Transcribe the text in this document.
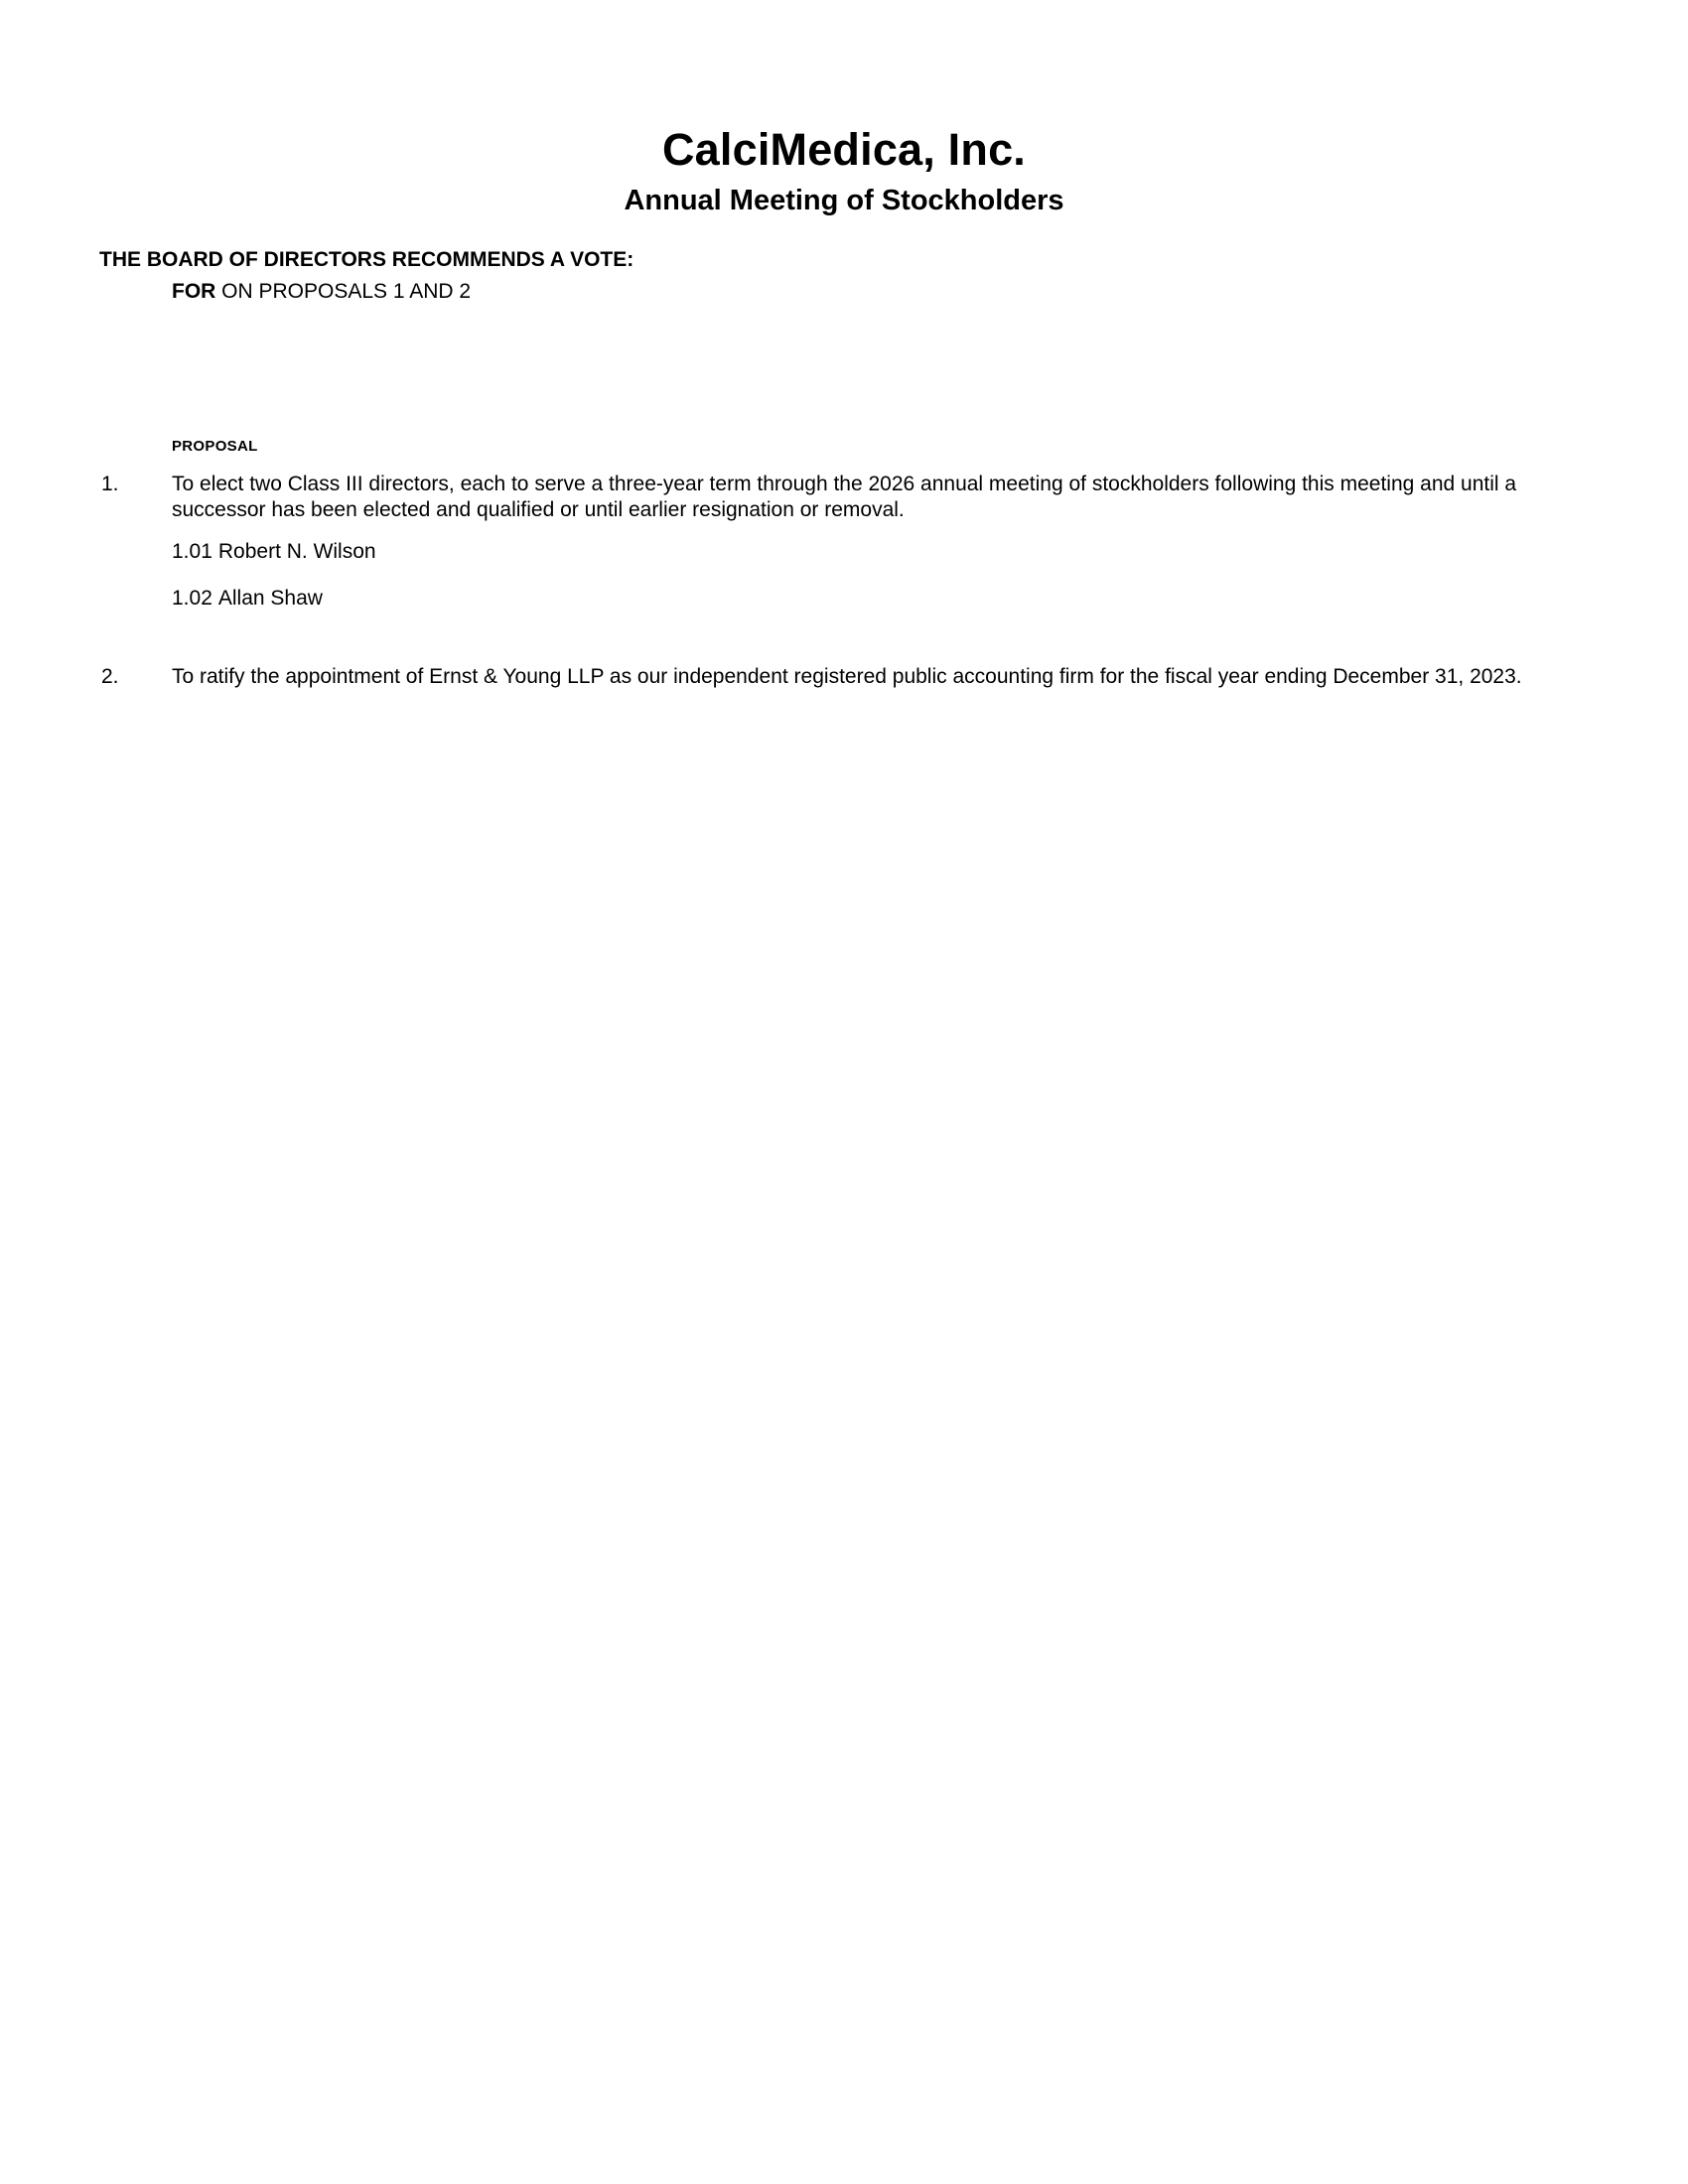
CalciMedica, Inc.
Annual Meeting of Stockholders
THE BOARD OF DIRECTORS RECOMMENDS A VOTE:
FOR ON PROPOSALS 1 AND 2
PROPOSAL
1.	To elect two Class III directors, each to serve a three-year term through the 2026 annual meeting of stockholders following this meeting and until a successor has been elected and qualified or until earlier resignation or removal.
1.01 Robert N. Wilson
1.02 Allan Shaw
2.	To ratify the appointment of Ernst & Young LLP as our independent registered public accounting firm for the fiscal year ending December 31, 2023.
